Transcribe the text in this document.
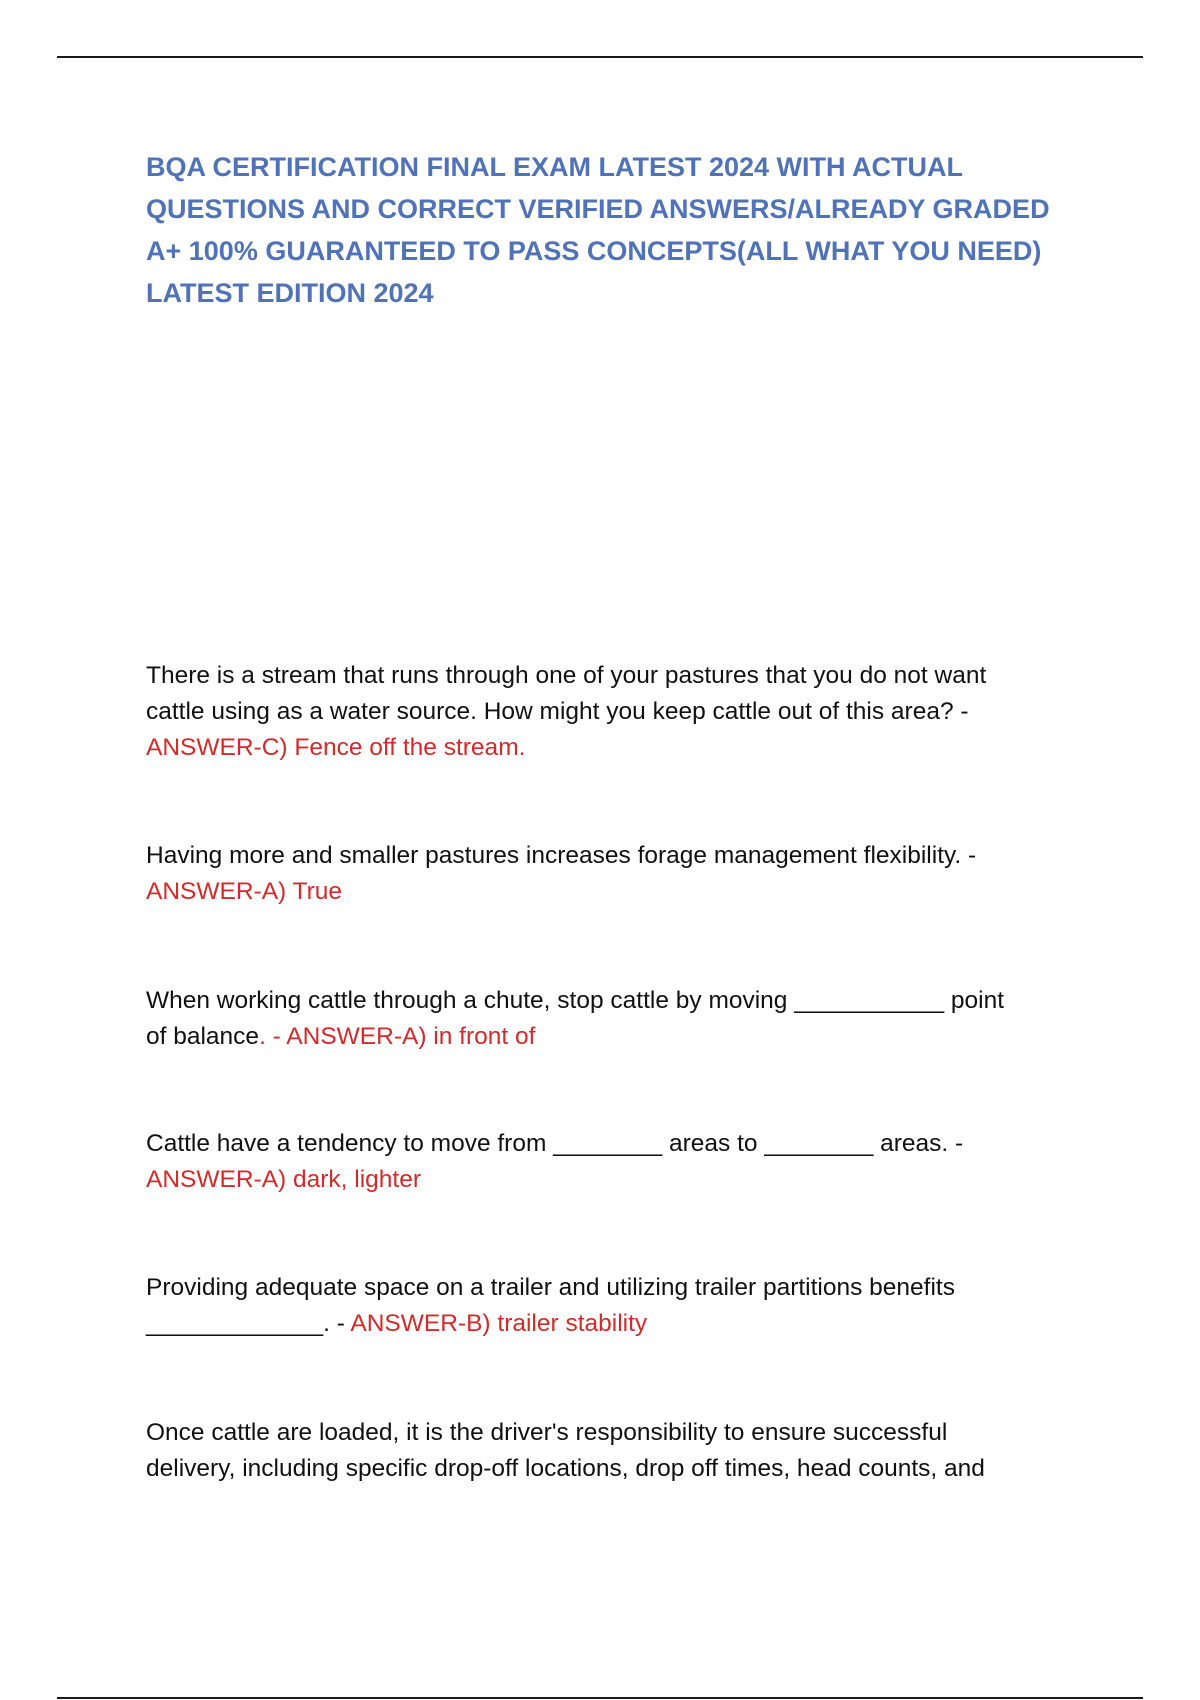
BQA CERTIFICATION FINAL EXAM LATEST 2024 WITH ACTUAL
QUESTIONS AND CORRECT VERIFIED ANSWERS/ALREADY GRADED
A+ 100% GUARANTEED TO PASS CONCEPTS(ALL WHAT YOU NEED)
LATEST EDITION 2024

There is a stream that runs through one of your pastures that you do not want
cattle using as a water source. How might you keep cattle out of this area? -
ANSWER-C) Fence off the stream.

Having more and smaller pastures increases forage management flexibility. -
ANSWER-A) True

When working cattle through a chute, stop cattle by moving ___________ point
of balance. - ANSWER-A) in front of

Cattle have a tendency to move from ________ areas to ________ areas. -
ANSWER-A) dark, lighter

Providing adequate space on a trailer and utilizing trailer partitions benefits
_____________. - ANSWER-B) trailer stability

Once cattle are loaded, it is the driver's responsibility to ensure successful
delivery, including specific drop-off locations, drop off times, head counts, and
